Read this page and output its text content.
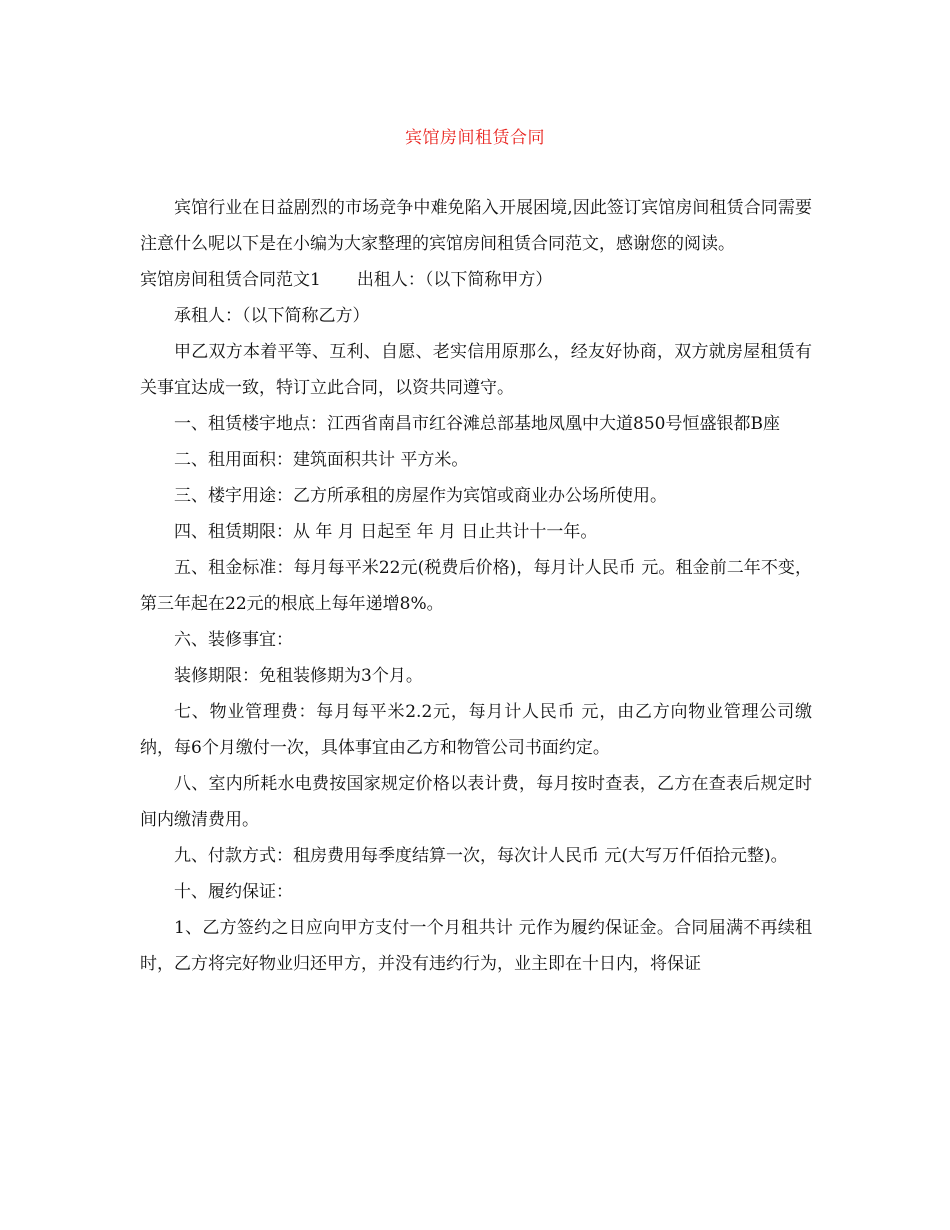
宾馆房间租赁合同

宾馆行业在日益剧烈的市场竞争中难免陷入开展困境,因此签订宾馆房间租赁合同需要注意什么呢以下是在小编为大家整理的宾馆房间租赁合同范文，感谢您的阅读。

宾馆房间租赁合同范文1 出租人：（以下简称甲方）

承租人：（以下简称乙方）

甲乙双方本着平等、互利、自愿、老实信用原那么，经友好协商，双方就房屋租赁有关事宜达成一致，特订立此合同，以资共同遵守。

一、租赁楼宇地点：江西省南昌市红谷滩总部基地凤凰中大道850号恒盛银都B座

二、租用面积：建筑面积共计 平方米。

三、楼宇用途：乙方所承租的房屋作为宾馆或商业办公场所使用。

四、租赁期限：从 年 月 日起至 年 月 日止共计十一年。

五、租金标准：每月每平米22元(税费后价格)，每月计人民币 元。租金前二年不变，第三年起在22元的根底上每年递增8%。

六、装修事宜：

装修期限：免租装修期为3个月。

七、物业管理费：每月每平米2.2元，每月计人民币 元，由乙方向物业管理公司缴纳，每6个月缴付一次，具体事宜由乙方和物管公司书面约定。

八、室内所耗水电费按国家规定价格以表计费，每月按时查表，乙方在查表后规定时间内缴清费用。

九、付款方式：租房费用每季度结算一次，每次计人民币 元(大写万仟佰拾元整)。

十、履约保证：

1、乙方签约之日应向甲方支付一个月租共计 元作为履约保证金。合同届满不再续租时，乙方将完好物业归还甲方，并没有违约行为，业主即在十日内，将保证
